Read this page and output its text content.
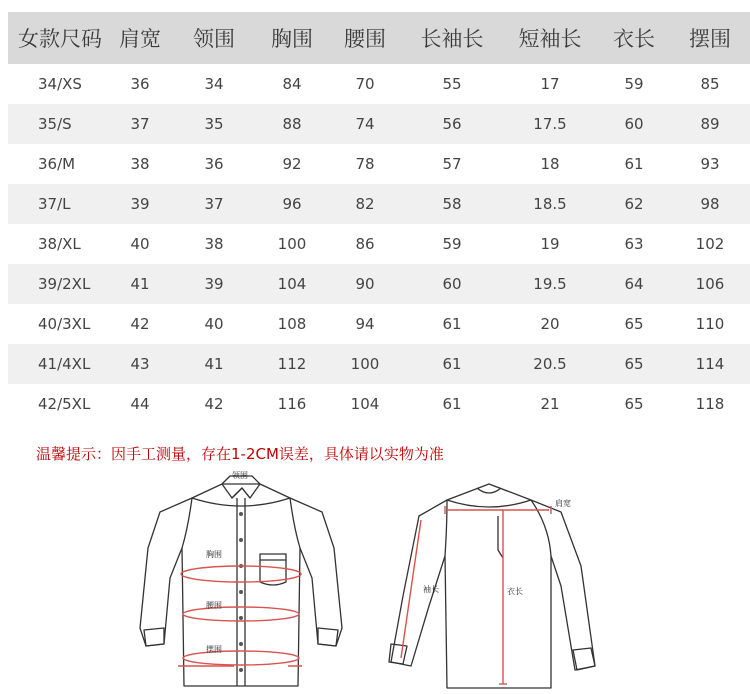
女款尺码	肩宽	领围	胸围	腰围	长袖长	短袖长	衣长	摆围
34/XS	36	34	84	70	55	17	59	85
35/S	37	35	88	74	56	17.5	60	89
36/M	38	36	92	78	57	18	61	93
37/L	39	37	96	82	58	18.5	62	98
38/XL	40	38	100	86	59	19	63	102
39/2XL	41	39	104	90	60	19.5	64	106
40/3XL	42	40	108	94	61	20	65	110
41/4XL	43	41	112	100	61	20.5	65	114
42/5XL	44	42	116	104	61	21	65	118
温馨提示：因手工测量，存在1-2CM误差，具体请以实物为准
领围
胸围
腰围
摆围
肩宽
袖长	衣长
